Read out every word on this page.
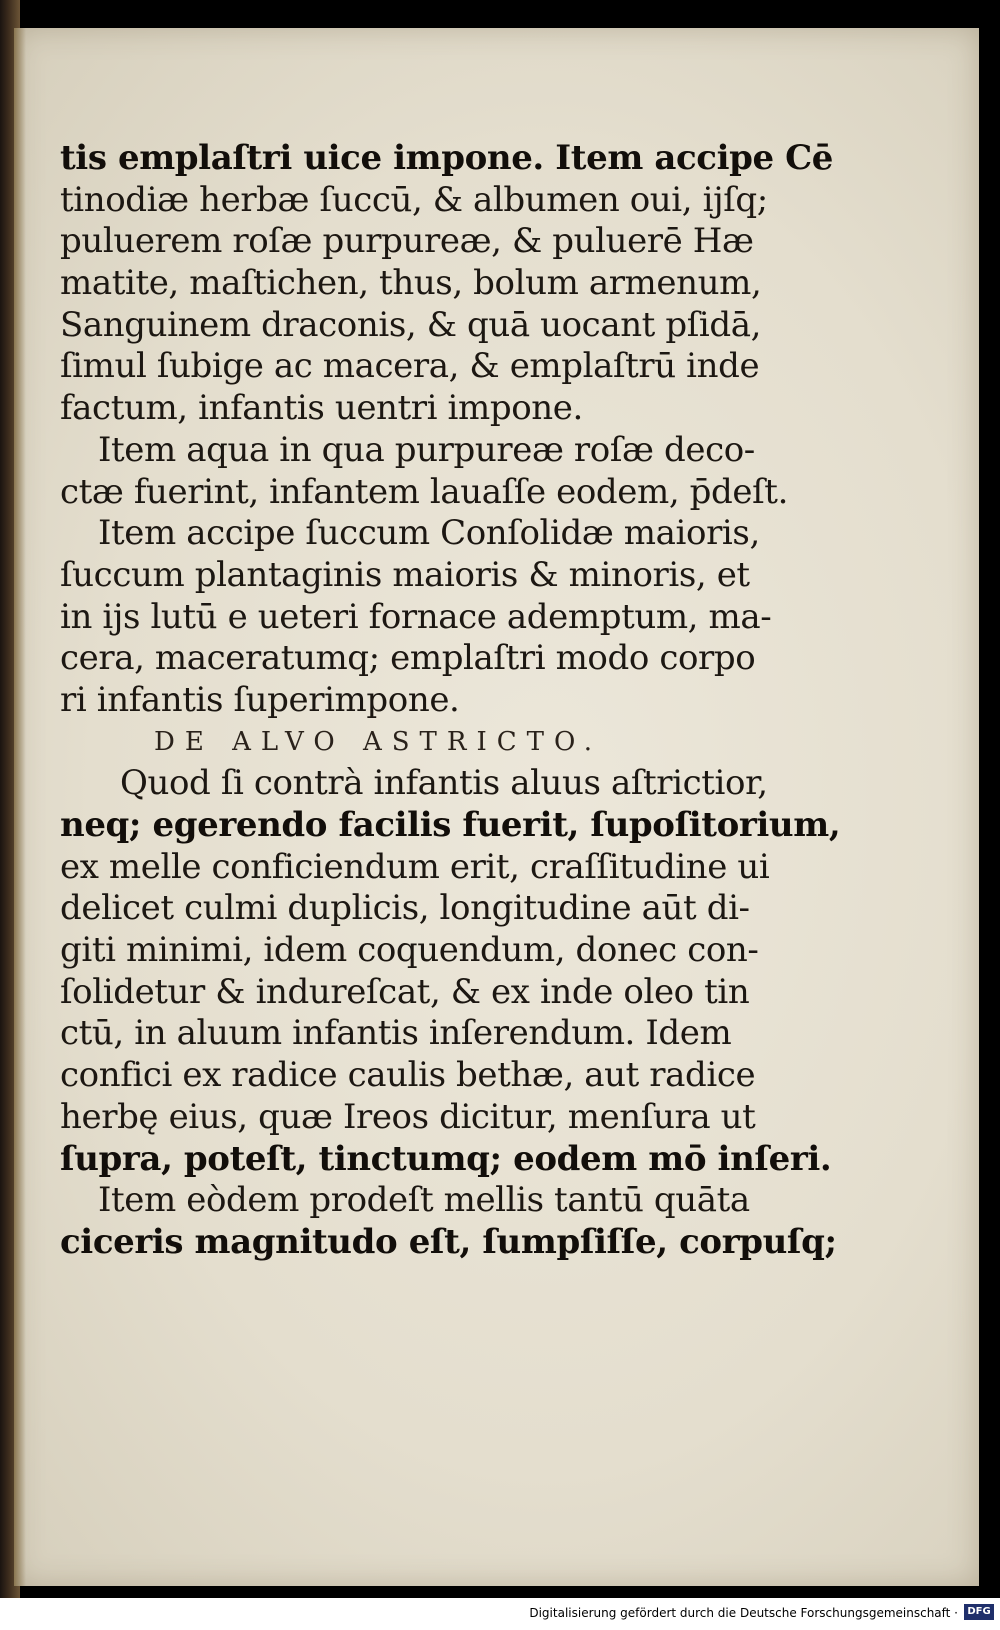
tis emplaſtri uice impone. Item accipe Cē
tinodiæ herbæ ſuccū, & albumen oui, ijſq;
puluerem roſæ purpureæ, & puluerē Hæ
matite, maſtichen, thus, bolum armenum,
Sanguinem draconis, & quā uocant pſidā,
ſimul ſubige ac macera, & emplaſtrū inde
factum, infantis uentri impone.
Item aqua in qua purpureæ roſæ deco-
ctæ fuerint, infantem lauaſſe eodem, p̄deſt.
Item accipe ſuccum Conſolidæ maioris,
ſuccum plantaginis maioris & minoris, et
in ijs lutū e ueteri fornace ademptum, ma-
cera, maceratumq; emplaſtri modo corpo
ri infantis ſuperimpone.
DE ALVO ASTRICTO.
Quod ſi contrà infantis aluus aſtrictior,
neq; egerendo facilis fuerit, ſupoſitorium,
ex melle conficiendum erit, craſſitudine ui
delicet culmi duplicis, longitudine aūt di-
giti minimi, idem coquendum, donec con-
ſolidetur & indureſcat, & ex inde oleo tin
ctū, in aluum infantis inſerendum. Idem
confici ex radice caulis bethæ, aut radice
herbę eius, quæ Ireos dicitur, menſura ut
ſupra, poteſt, tinctumq; eodem mō inſeri.
Item eòdem prodeſt mellis tantū quāta
ciceris magnitudo eſt, ſumpſiſſe, corpuſq;
Digitalisierung gefördert durch die Deutsche Forschungsgemeinschaft · DFG
